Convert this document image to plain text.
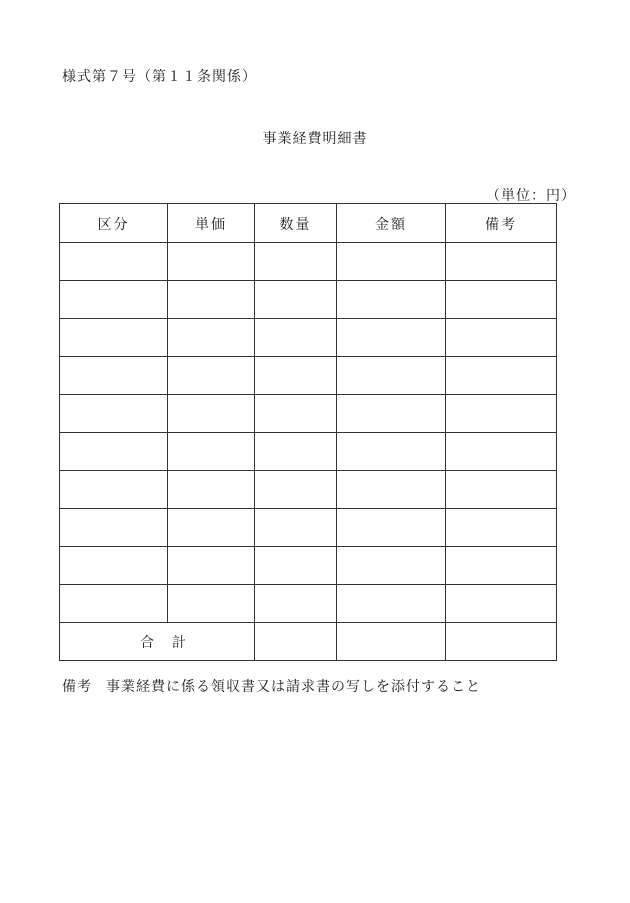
様式第７号（第１１条関係）
事業経費明細書
（単位：円）
区分	単価	数量	金額	備考

合　計				
備考 事業経費に係る領収書又は請求書の写しを添付すること
